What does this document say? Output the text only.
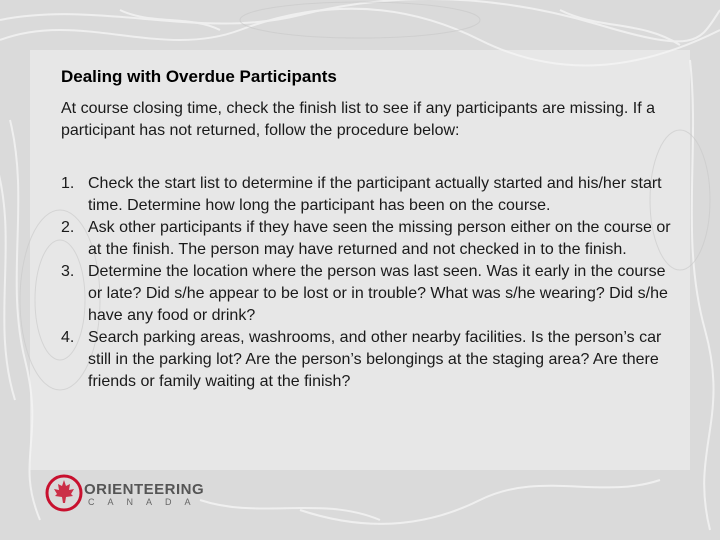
Dealing with Overdue Participants
At course closing time, check the finish list to see if any participants are missing. If a participant has not returned, follow the procedure below:
1. Check the start list to determine if the participant actually started and his/her start time. Determine how long the participant has been on the course.
2. Ask other participants if they have seen the missing person either on the course or at the finish. The person may have returned and not checked in to the finish.
3. Determine the location where the person was last seen. Was it early in the course or late? Did s/he appear to be lost or in trouble? What was s/he wearing? Did s/he have any food or drink?
4. Search parking areas, washrooms, and other nearby facilities. Is the person’s car still in the parking lot? Are the person’s belongings at the staging area? Are there friends or family waiting at the finish?
ORIENTEERING
CANADA
